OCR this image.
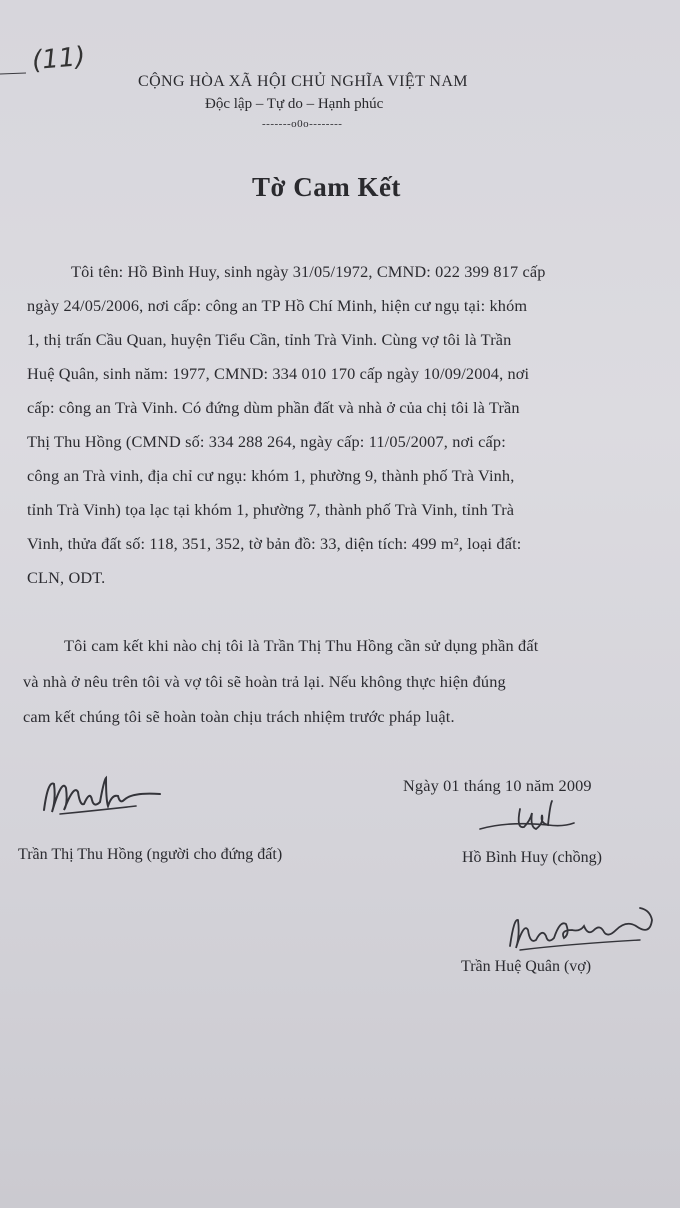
(11)
CỘNG HÒA XÃ HỘI CHỦ NGHĨA VIỆT NAM
Độc lập – Tự do – Hạnh phúc
-------o0o--------
Tờ Cam Kết
Tôi tên: Hồ Bình Huy, sinh ngày 31/05/1972, CMND: 022 399 817 cấp
ngày 24/05/2006, nơi cấp: công an TP Hồ Chí Minh, hiện cư ngụ tại: khóm
1, thị trấn Cầu Quan, huyện Tiểu Cần, tỉnh Trà Vinh. Cùng vợ tôi là Trần
Huệ Quân, sinh năm: 1977, CMND: 334 010 170 cấp ngày 10/09/2004, nơi
cấp: công an Trà Vinh. Có đứng dùm phần đất và nhà ở của chị tôi là Trần
Thị Thu Hồng (CMND số: 334 288 264, ngày cấp: 11/05/2007, nơi cấp:
công an Trà vinh, địa chỉ cư ngụ: khóm 1, phường 9, thành phố Trà Vinh,
tỉnh Trà Vinh) tọa lạc tại khóm 1, phường 7, thành phố Trà Vinh, tỉnh Trà
Vinh, thửa đất số: 118, 351, 352, tờ bản đồ: 33, diện tích: 499 m², loại đất:
CLN, ODT.
Tôi cam kết khi nào chị tôi là Trần Thị Thu Hồng cần sử dụng phần đất
và nhà ở nêu trên tôi và vợ tôi sẽ hoàn trả lại. Nếu không thực hiện đúng
cam kết chúng tôi sẽ hoàn toàn chịu trách nhiệm trước pháp luật.
Ngày 01 tháng 10 năm 2009
Trần Thị Thu Hồng (người cho đứng đất)	Hồ Bình Huy (chồng)
Trần Huệ Quân (vợ)
